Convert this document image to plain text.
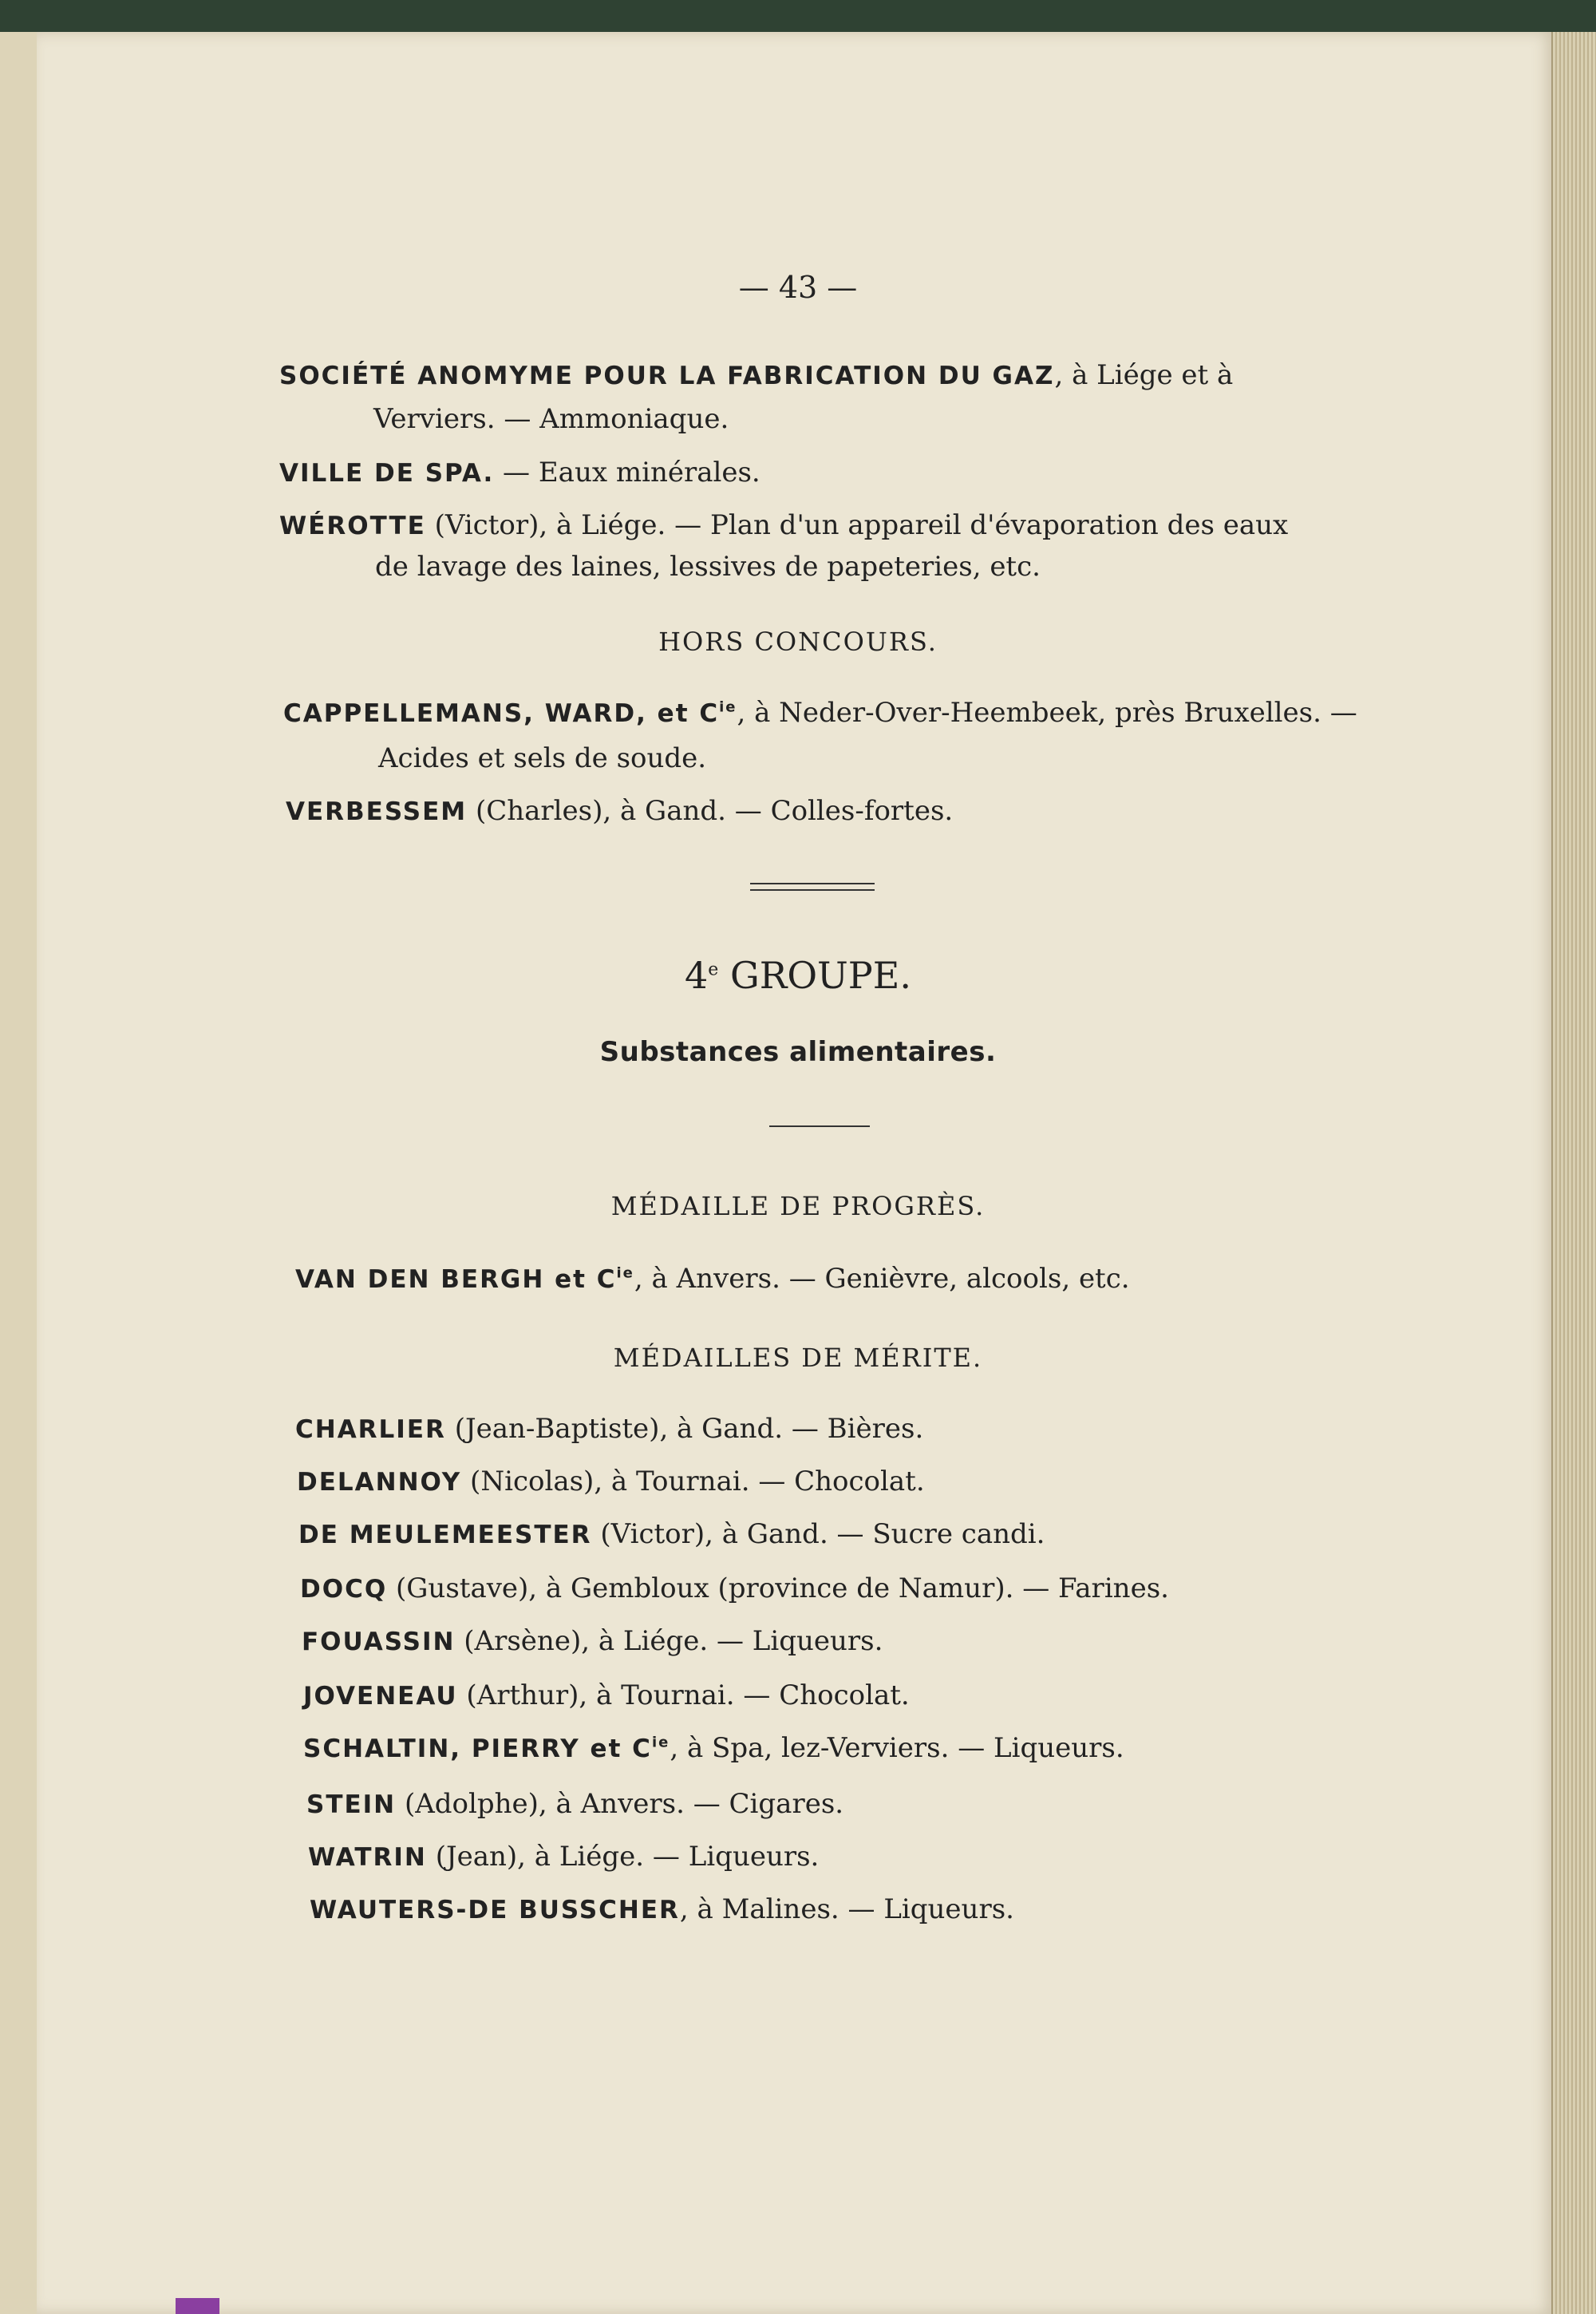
— 43 —
SOCIÉTÉ ANOMYME POUR LA FABRICATION DU GAZ, à Liége et à
Verviers. — Ammoniaque.
VILLE DE SPA. — Eaux minérales.
WÉROTTE (Victor), à Liége. — Plan d'un appareil d'évaporation des eaux
de lavage des laines, lessives de papeteries, etc.
HORS CONCOURS.
CAPPELLEMANS, WARD, et $C^{ie}$, à Neder-Over-Heembeek, près Bruxelles. —
Acides et sels de soude.
VERBESSEM (Charles), à Gand. — Colles-fortes.
4e GROUPE.
Substances alimentaires.
MÉDAILLE DE PROGRÈS.
VAN DEN BERGH et $C^{ie}$, à Anvers. — Genièvre, alcools, etc.
MÉDAILLES DE MÉRITE.
CHARLIER (Jean-Baptiste), à Gand. — Bières.
DELANNOY (Nicolas), à Tournai. — Chocolat.
DE MEULEMEESTER (Victor), à Gand. — Sucre candi.
DOCQ (Gustave), à Gembloux (province de Namur). — Farines.
FOUASSIN (Arsène), à Liége. — Liqueurs.
JOVENEAU (Arthur), à Tournai. — Chocolat.
SCHALTIN, PIERRY et $C^{ie}$, à Spa, lez-Verviers. — Liqueurs.
STEIN (Adolphe), à Anvers. — Cigares.
WATRIN (Jean), à Liége. — Liqueurs.
WAUTERS-DE BUSSCHER, à Malines. — Liqueurs.
